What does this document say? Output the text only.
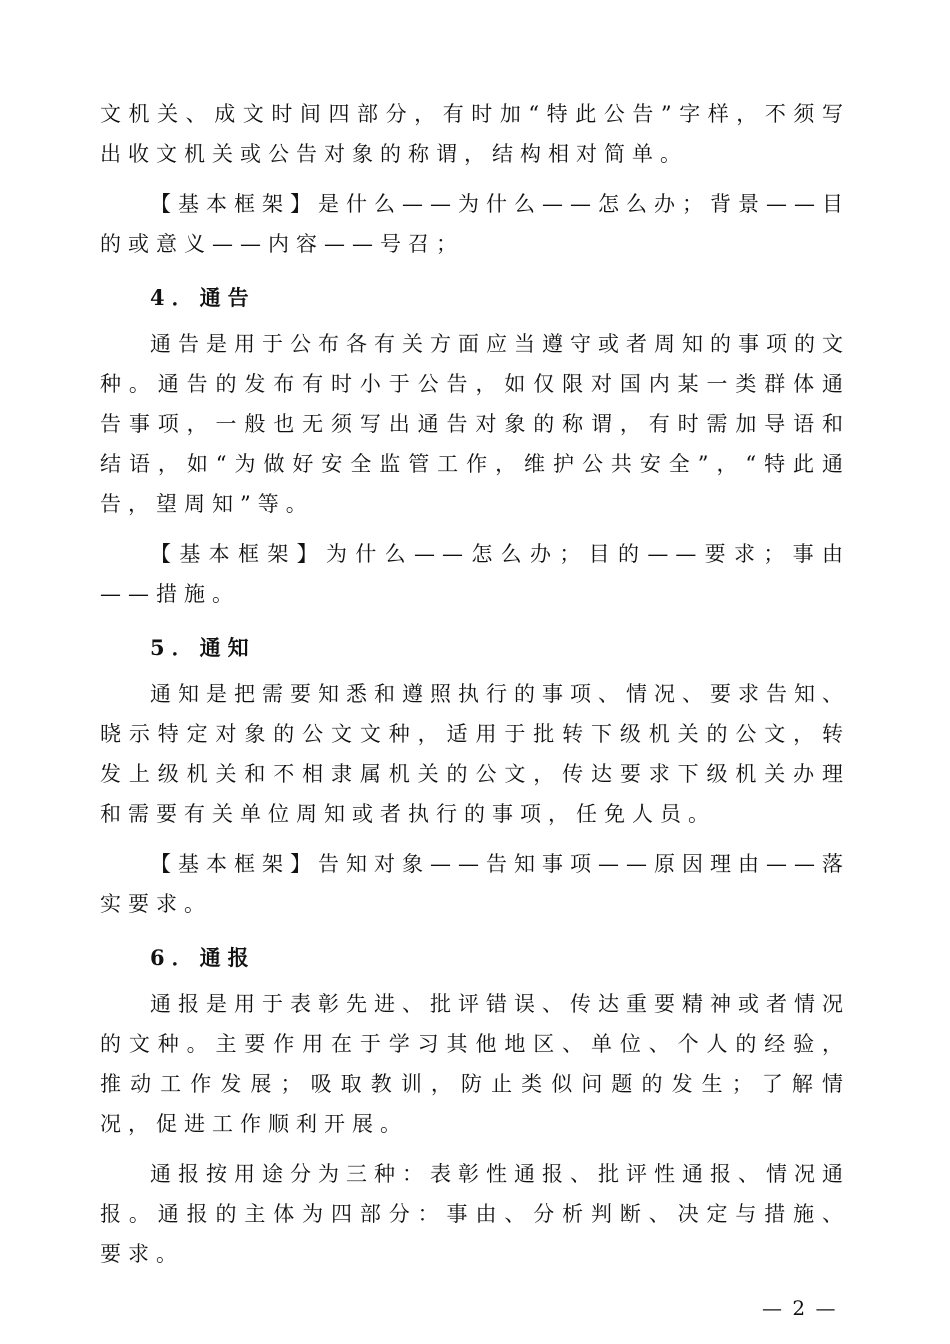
文机关、成文时间四部分，有时加“特此公告”字样，不须写出收文机关或公告对象的称谓，结构相对简单。

【基本框架】是什么——为什么——怎么办；背景——目的或意义——内容——号召；

4．通告

通告是用于公布各有关方面应当遵守或者周知的事项的文种。通告的发布有时小于公告，如仅限对国内某一类群体通告事项，一般也无须写出通告对象的称谓，有时需加导语和结语，如“为做好安全监管工作，维护公共安全”，“特此通告，望周知”等。

【基本框架】为什么——怎么办；目的——要求；事由——措施。

5．通知

通知是把需要知悉和遵照执行的事项、情况、要求告知、晓示特定对象的公文文种，适用于批转下级机关的公文，转发上级机关和不相隶属机关的公文，传达要求下级机关办理和需要有关单位周知或者执行的事项，任免人员。

【基本框架】告知对象——告知事项——原因理由——落实要求。

6．通报

通报是用于表彰先进、批评错误、传达重要精神或者情况的文种。主要作用在于学习其他地区、单位、个人的经验，推动工作发展；吸取教训，防止类似问题的发生；了解情况，促进工作顺利开展。

通报按用途分为三种：表彰性通报、批评性通报、情况通报。通报的主体为四部分：事由、分析判断、决定与措施、要求。

— 2 —
